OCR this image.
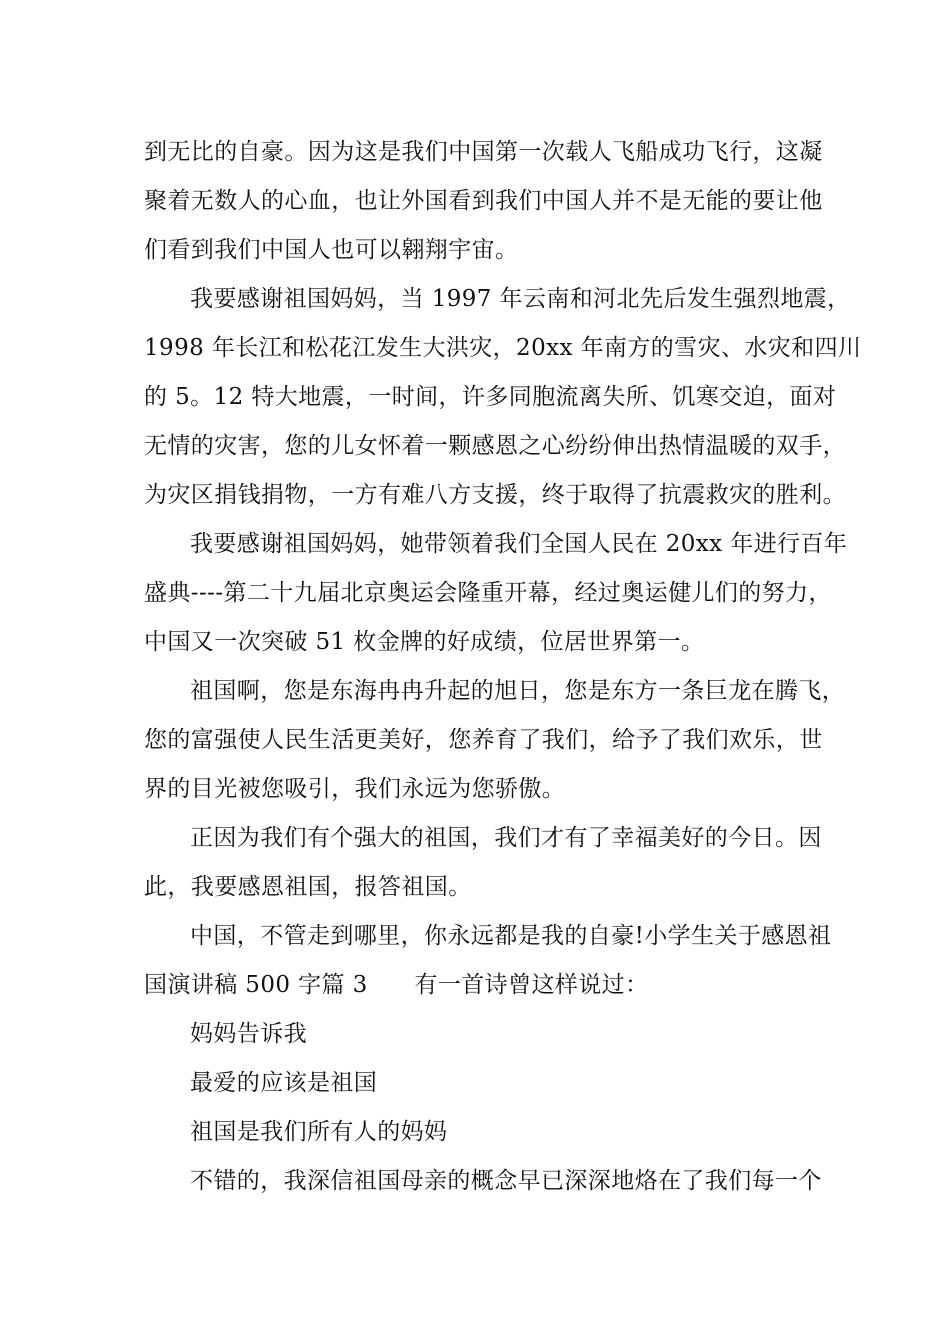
到无比的自豪。因为这是我们中国第一次载人飞船成功飞行，这凝
聚着无数人的心血，也让外国看到我们中国人并不是无能的要让他
们看到我们中国人也可以翱翔宇宙。
我要感谢祖国妈妈，当 1997 年云南和河北先后发生强烈地震，
1998 年长江和松花江发生大洪灾，20xx 年南方的雪灾、水灾和四川
的 5。12 特大地震，一时间，许多同胞流离失所、饥寒交迫，面对
无情的灾害，您的儿女怀着一颗感恩之心纷纷伸出热情温暖的双手，
为灾区捐钱捐物，一方有难八方支援，终于取得了抗震救灾的胜利。
我要感谢祖国妈妈，她带领着我们全国人民在 20xx 年进行百年
盛典----第二十九届北京奥运会隆重开幕，经过奥运健儿们的努力，
中国又一次突破 51 枚金牌的好成绩，位居世界第一。
祖国啊，您是东海冉冉升起的旭日，您是东方一条巨龙在腾飞，
您的富强使人民生活更美好，您养育了我们，给予了我们欢乐，世
界的目光被您吸引，我们永远为您骄傲。
正因为我们有个强大的祖国，我们才有了幸福美好的今日。因
此，我要感恩祖国，报答祖国。
中国，不管走到哪里，你永远都是我的自豪!小学生关于感恩祖
国演讲稿 500 字篇 3　　有一首诗曾这样说过：
妈妈告诉我
最爱的应该是祖国
祖国是我们所有人的妈妈
不错的，我深信祖国母亲的概念早已深深地烙在了我们每一个
